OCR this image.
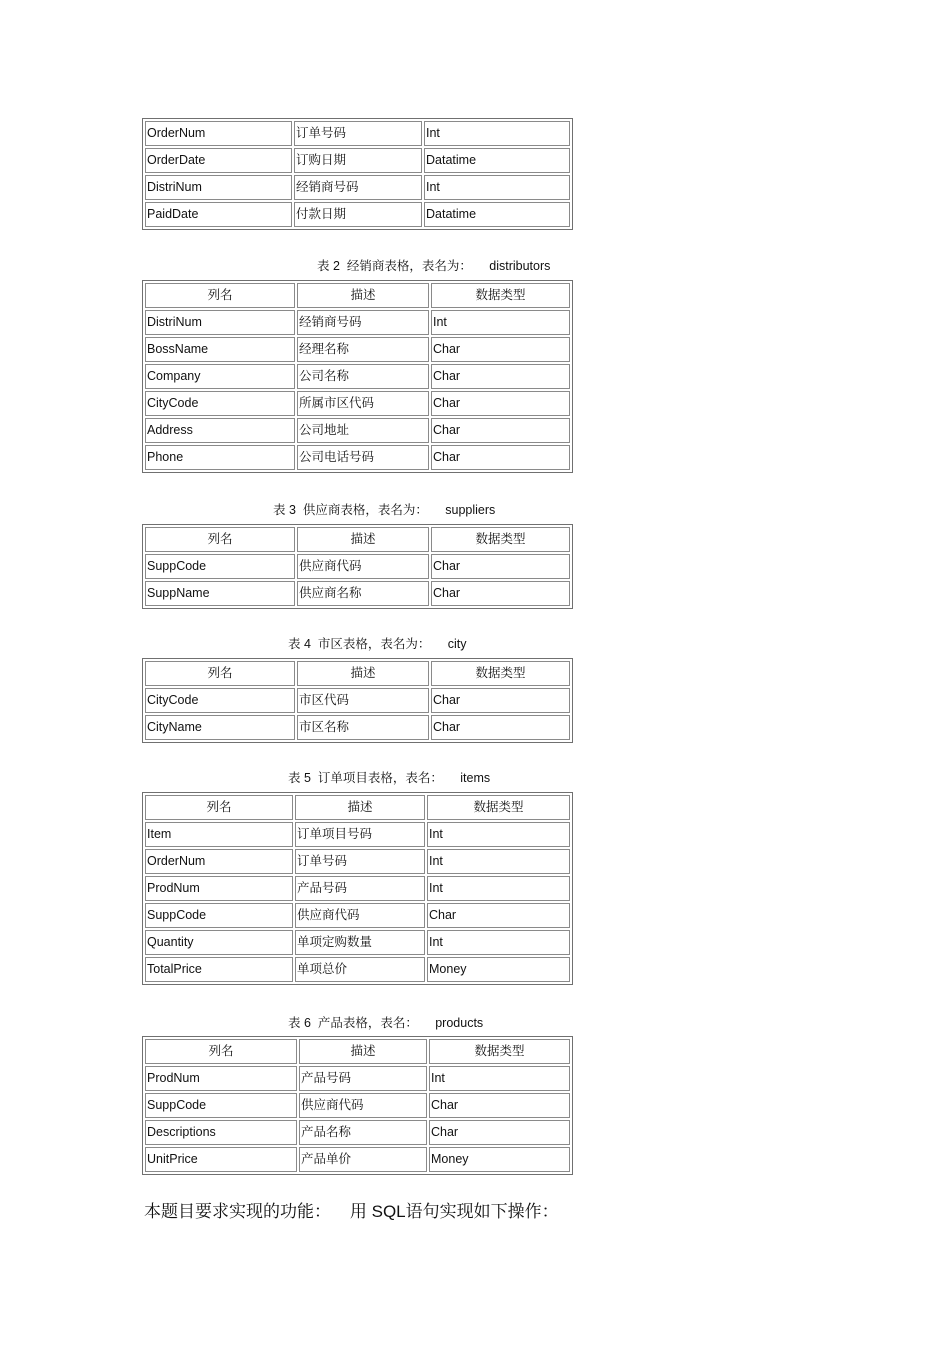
OrderNum	订单号码	Int
OrderDate	订购日期	Datatime
DistriNum	经销商号码	Int
PaidDate	付款日期	Datatime
表 2  经销商表格，表名为：     distributors
列名	描述	数据类型
DistriNum	经销商号码	Int
BossName	经理名称	Char
Company	公司名称	Char
CityCode	所属市区代码	Char
Address	公司地址	Char
Phone	公司电话号码	Char
表 3  供应商表格，表名为：     suppliers
列名	描述	数据类型
SuppCode	供应商代码	Char
SuppName	供应商名称	Char
表 4  市区表格，表名为：     city
列名	描述	数据类型
CityCode	市区代码	Char
CityName	市区名称	Char
表 5  订单项目表格，表名：     items
列名	描述	数据类型
Item	订单项目号码	Int
OrderNum	订单号码	Int
ProdNum	产品号码	Int
SuppCode	供应商代码	Char
Quantity	单项定购数量	Int
TotalPrice	单项总价	Money
表 6  产品表格，表名：     products
列名	描述	数据类型
ProdNum	产品号码	Int
SuppCode	供应商代码	Char
Descriptions	产品名称	Char
UnitPrice	产品单价	Money
本题目要求实现的功能：    用 SQL语句实现如下操作：
